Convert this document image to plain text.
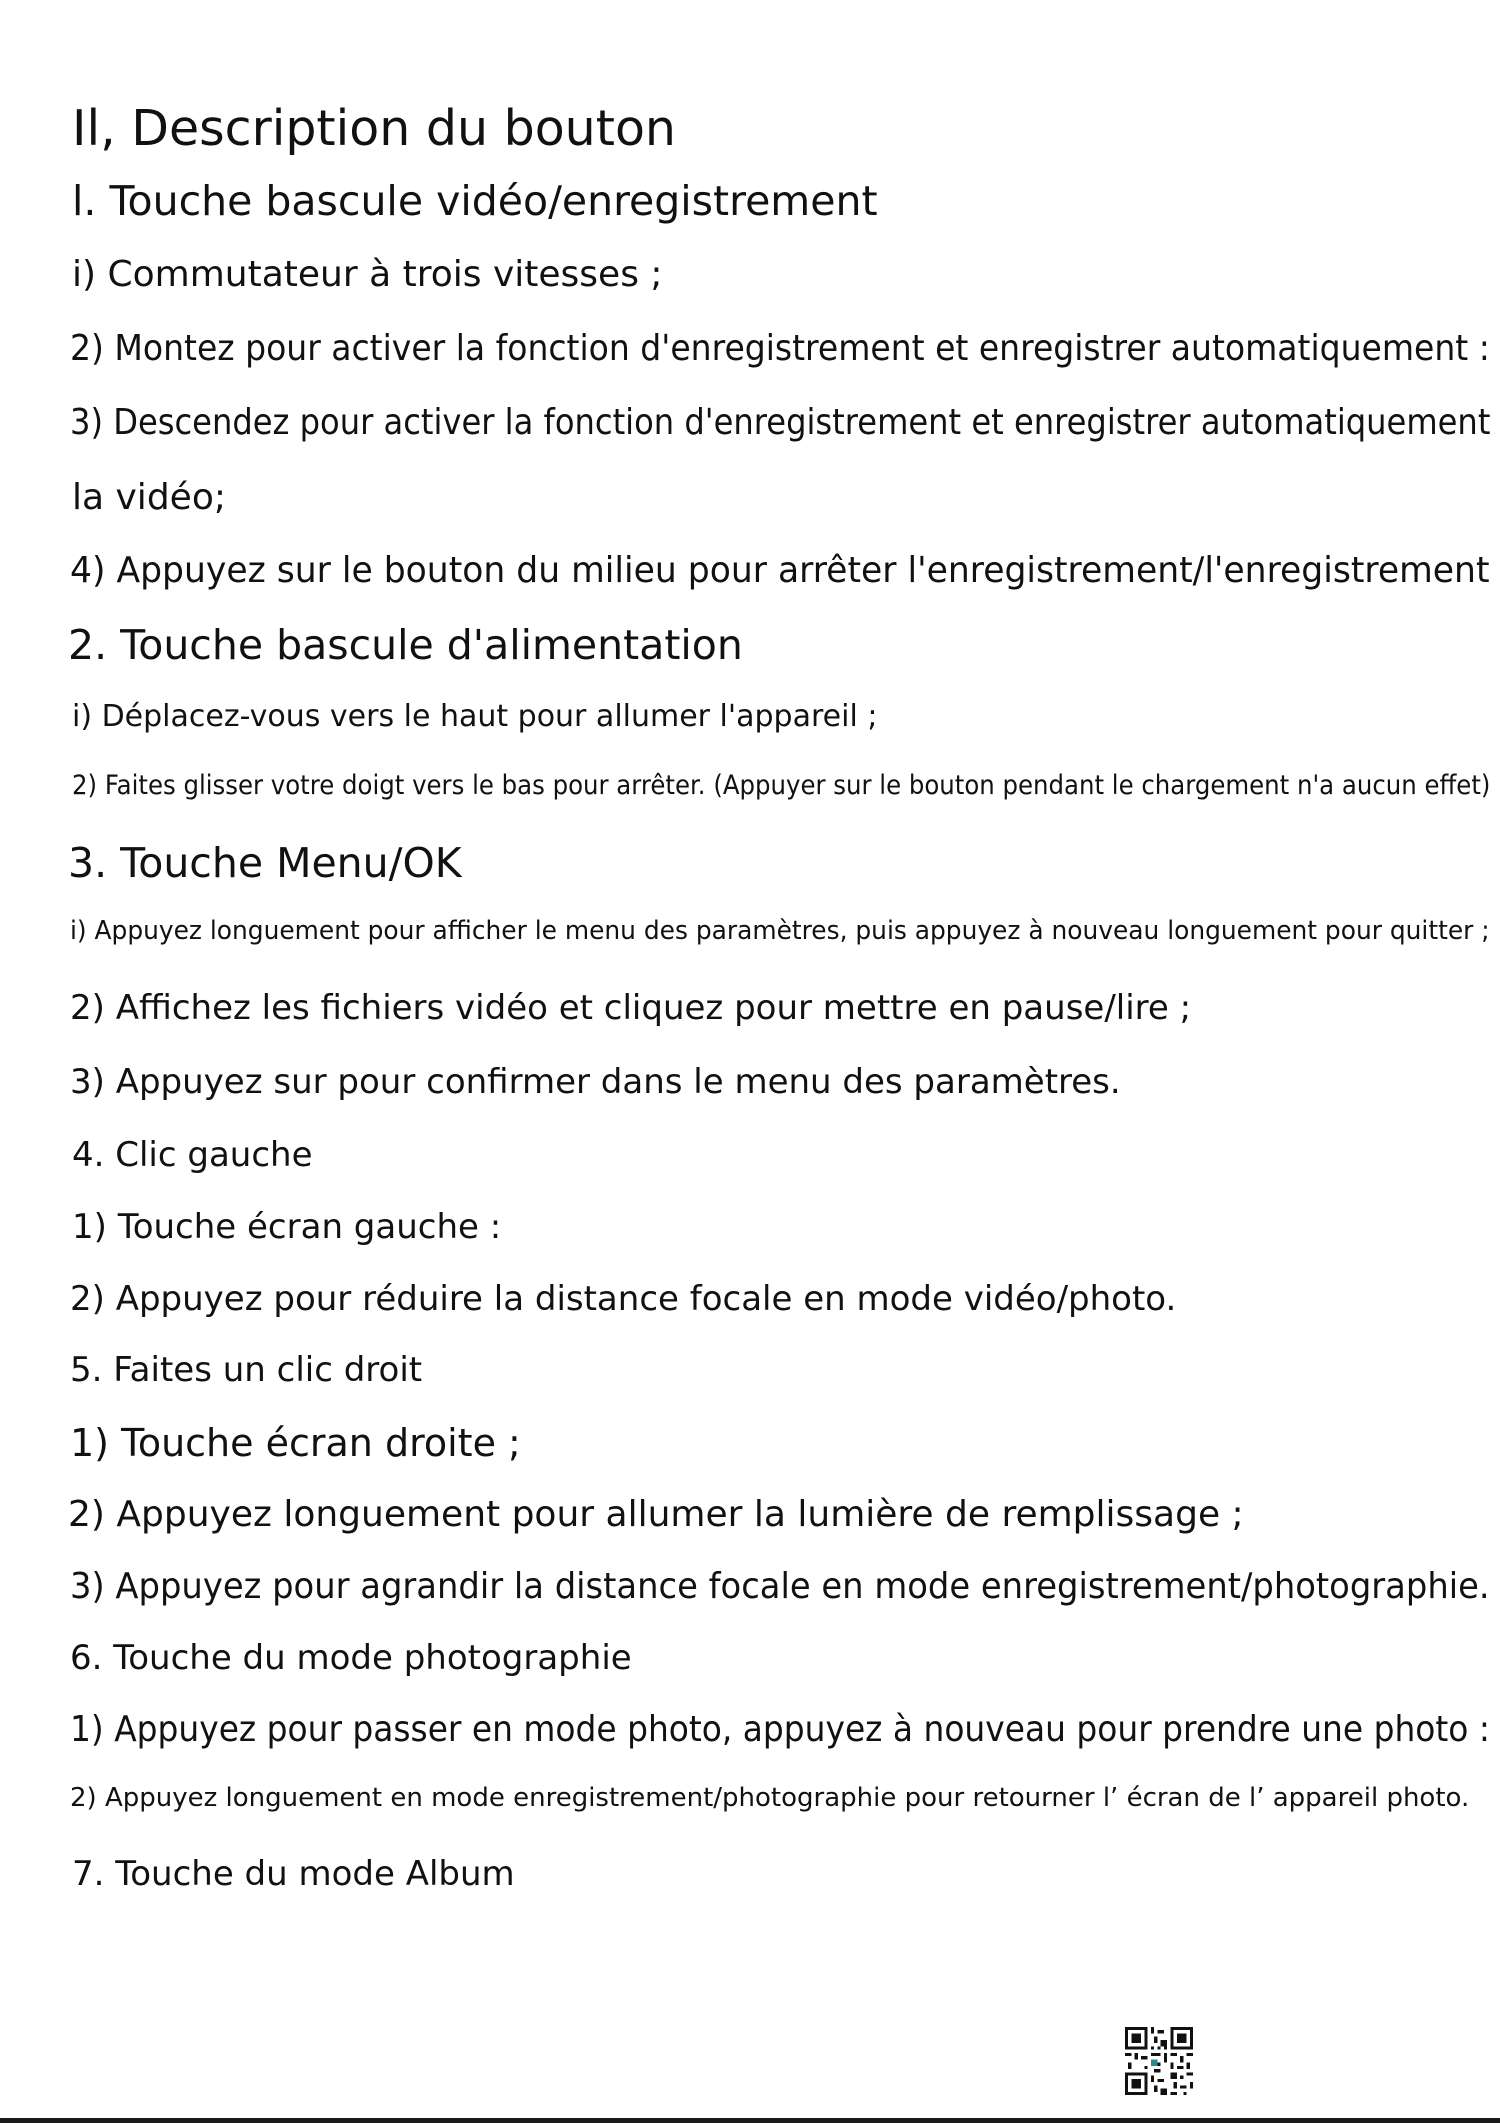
Il, Description du bouton
l. Touche bascule vidéo/enregistrement
i) Commutateur à trois vitesses ;
2) Montez pour activer la fonction d'enregistrement et enregistrer automatiquement :
3) Descendez pour activer la fonction d'enregistrement et enregistrer automatiquement
la vidéo;
4) Appuyez sur le bouton du milieu pour arrêter l'enregistrement/l'enregistrement
2. Touche bascule d'alimentation
i) Déplacez-vous vers le haut pour allumer l'appareil ;
2) Faites glisser votre doigt vers le bas pour arrêter. (Appuyer sur le bouton pendant le chargement n'a aucun effet)
3. Touche Menu/OK
i) Appuyez longuement pour afficher le menu des paramètres, puis appuyez à nouveau longuement pour quitter ;
2) Affichez les fichiers vidéo et cliquez pour mettre en pause/lire ;
3) Appuyez sur pour confirmer dans le menu des paramètres.
4. Clic gauche
1) Touche écran gauche :
2) Appuyez pour réduire la distance focale en mode vidéo/photo.
5. Faites un clic droit
1) Touche écran droite ;
2) Appuyez longuement pour allumer la lumière de remplissage ;
3) Appuyez pour agrandir la distance focale en mode enregistrement/photographie.
6. Touche du mode photographie
1) Appuyez pour passer en mode photo, appuyez à nouveau pour prendre une photo :
2) Appuyez longuement en mode enregistrement/photographie pour retourner l’ écran de l’ appareil photo.
7. Touche du mode Album
